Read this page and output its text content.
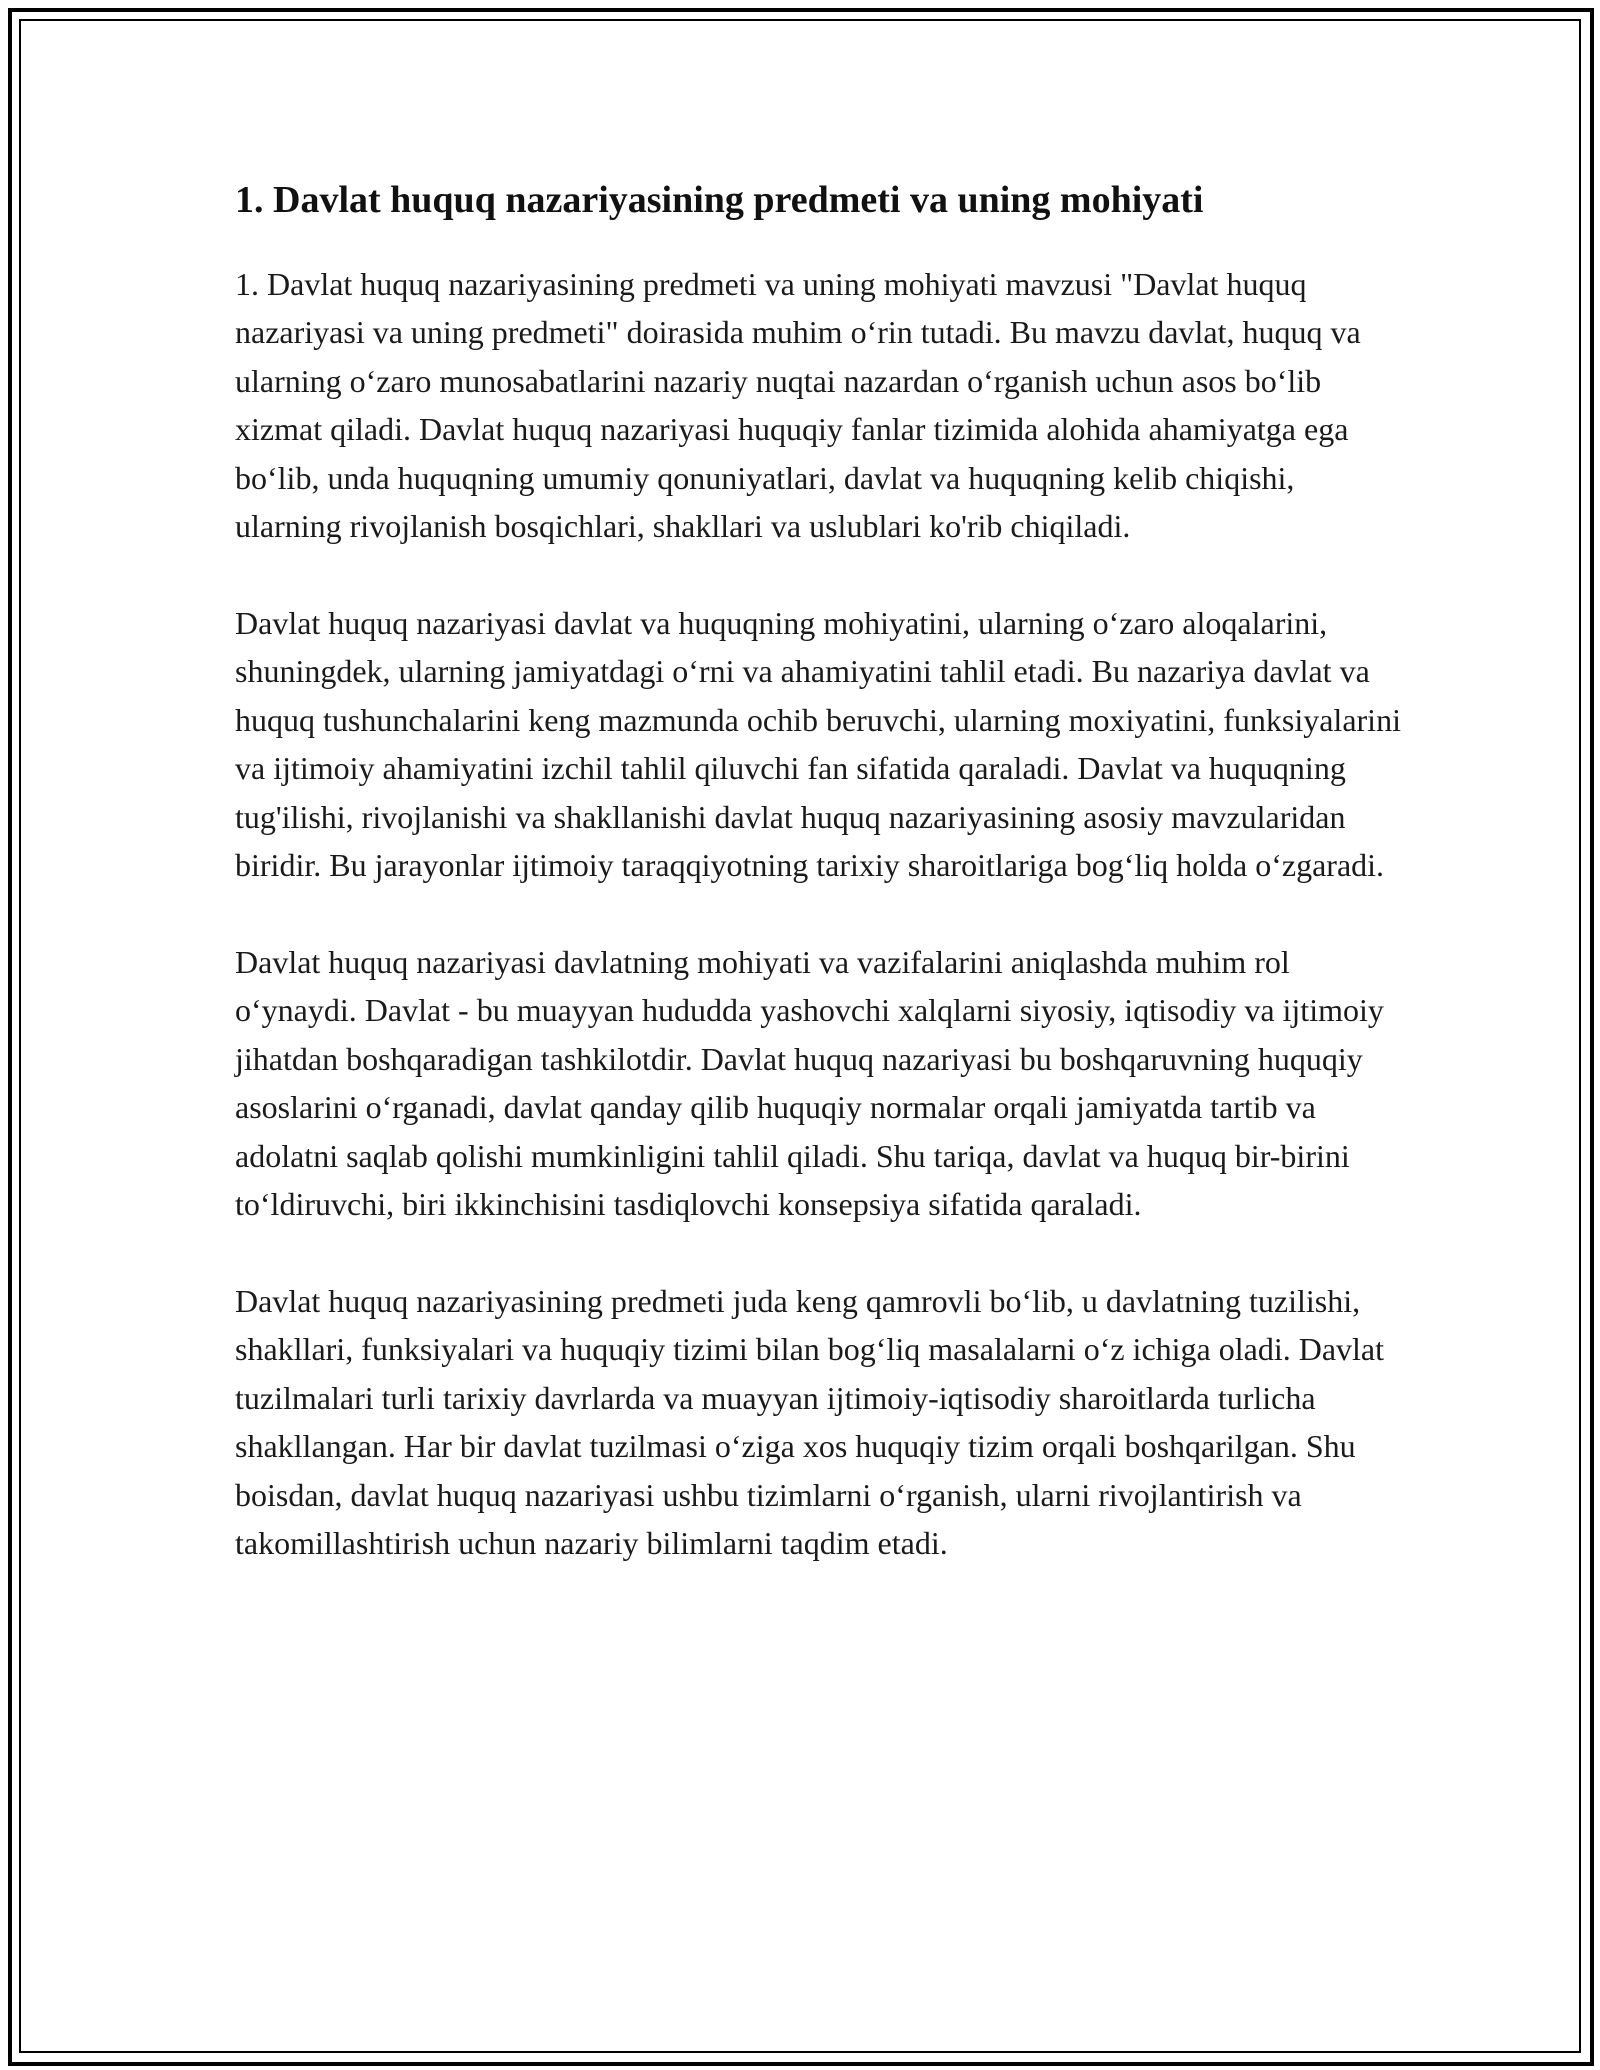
1. Davlat huquq nazariyasining predmeti va uning mohiyati

1. Davlat huquq nazariyasining predmeti va uning mohiyati mavzusi "Davlat huquq nazariyasi va uning predmeti" doirasida muhim o‘rin tutadi. Bu mavzu davlat, huquq va ularning o‘zaro munosabatlarini nazariy nuqtai nazardan o‘rganish uchun asos bo‘lib xizmat qiladi. Davlat huquq nazariyasi huquqiy fanlar tizimida alohida ahamiyatga ega bo‘lib, unda huquqning umumiy qonuniyatlari, davlat va huquqning kelib chiqishi, ularning rivojlanish bosqichlari, shakllari va uslublari ko'rib chiqiladi.

Davlat huquq nazariyasi davlat va huquqning mohiyatini, ularning o‘zaro aloqalarini, shuningdek, ularning jamiyatdagi o‘rni va ahamiyatini tahlil etadi. Bu nazariya davlat va huquq tushunchalarini keng mazmunda ochib beruvchi, ularning moxiyatini, funksiyalarini va ijtimoiy ahamiyatini izchil tahlil qiluvchi fan sifatida qaraladi. Davlat va huquqning tug'ilishi, rivojlanishi va shakllanishi davlat huquq nazariyasining asosiy mavzularidan biridir. Bu jarayonlar ijtimoiy taraqqiyotning tarixiy sharoitlariga bog‘liq holda o‘zgaradi.

Davlat huquq nazariyasi davlatning mohiyati va vazifalarini aniqlashda muhim rol o‘ynaydi. Davlat - bu muayyan hududda yashovchi xalqlarni siyosiy, iqtisodiy va ijtimoiy jihatdan boshqaradigan tashkilotdir. Davlat huquq nazariyasi bu boshqaruvning huquqiy asoslarini o‘rganadi, davlat qanday qilib huquqiy normalar orqali jamiyatda tartib va adolatni saqlab qolishi mumkinligini tahlil qiladi. Shu tariqa, davlat va huquq bir-birini to‘ldiruvchi, biri ikkinchisini tasdiqlovchi konsepsiya sifatida qaraladi.

Davlat huquq nazariyasining predmeti juda keng qamrovli bo‘lib, u davlatning tuzilishi, shakllari, funksiyalari va huquqiy tizimi bilan bog‘liq masalalarni o‘z ichiga oladi. Davlat tuzilmalari turli tarixiy davrlarda va muayyan ijtimoiy-iqtisodiy sharoitlarda turlicha shakllangan. Har bir davlat tuzilmasi o‘ziga xos huquqiy tizim orqali boshqarilgan. Shu boisdan, davlat huquq nazariyasi ushbu tizimlarni o‘rganish, ularni rivojlantirish va takomillashtirish uchun nazariy bilimlarni taqdim etadi.
